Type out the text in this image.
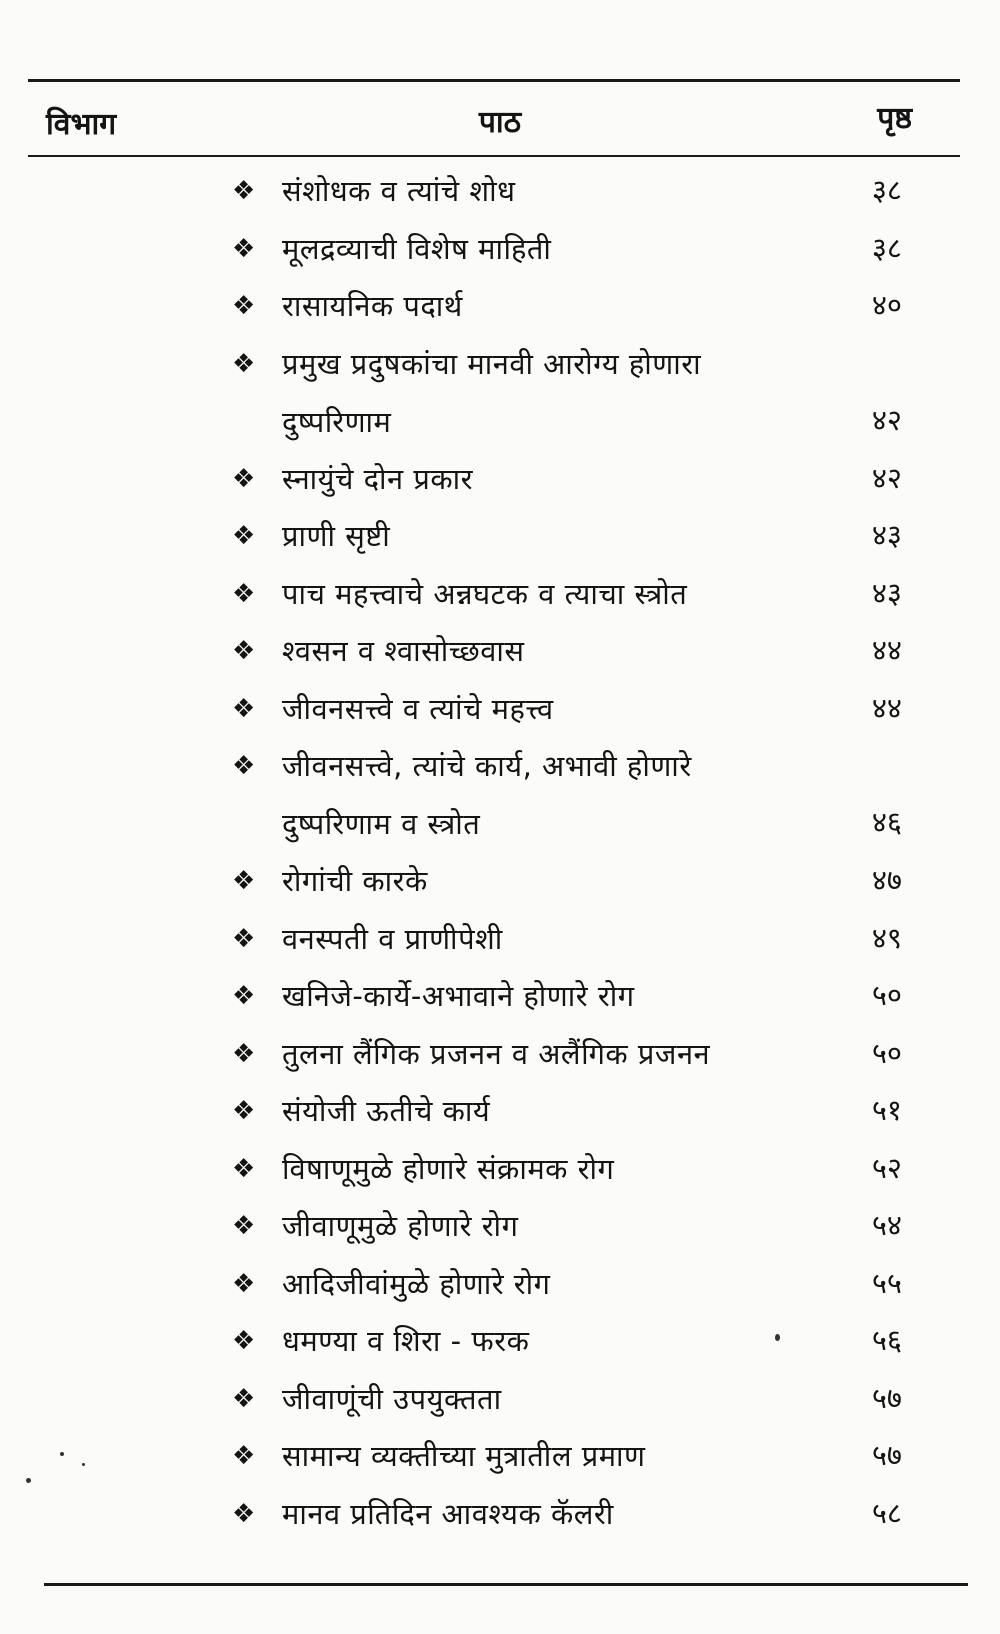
विभाग	पाठ	पृष्ठ
❖ संशोधक व त्यांचे शोध	३८
❖ मूलद्रव्याची विशेष माहिती	३८
❖ रासायनिक पदार्थ	४०
❖ प्रमुख प्रदुषकांचा मानवी आरोग्य होणारा दुष्परिणाम	४२
❖ स्नायुंचे दोन प्रकार	४२
❖ प्राणी सृष्टी	४३
❖ पाच महत्त्वाचे अन्नघटक व त्याचा स्त्रोत	४३
❖ श्वसन व श्वासोच्छवास	४४
❖ जीवनसत्त्वे व त्यांचे महत्त्व	४४
❖ जीवनसत्त्वे, त्यांचे कार्य, अभावी होणारे दुष्परिणाम व स्त्रोत	४६
❖ रोगांची कारके	४७
❖ वनस्पती व प्राणीपेशी	४९
❖ खनिजे-कार्ये-अभावाने होणारे रोग	५०
❖ तुलना लैंगिक प्रजनन व अलैंगिक प्रजनन	५०
❖ संयोजी ऊतीचे कार्य	५१
❖ विषाणूमुळे होणारे संक्रामक रोग	५२
❖ जीवाणूमुळे होणारे रोग	५४
❖ आदिजीवांमुळे होणारे रोग	५५
❖ धमण्या व शिरा - फरक	५६
❖ जीवाणूंची उपयुक्तता	५७
❖ सामान्य व्यक्तीच्या मुत्रातील प्रमाण	५७
❖ मानव प्रतिदिन आवश्यक कॅलरी	५८
